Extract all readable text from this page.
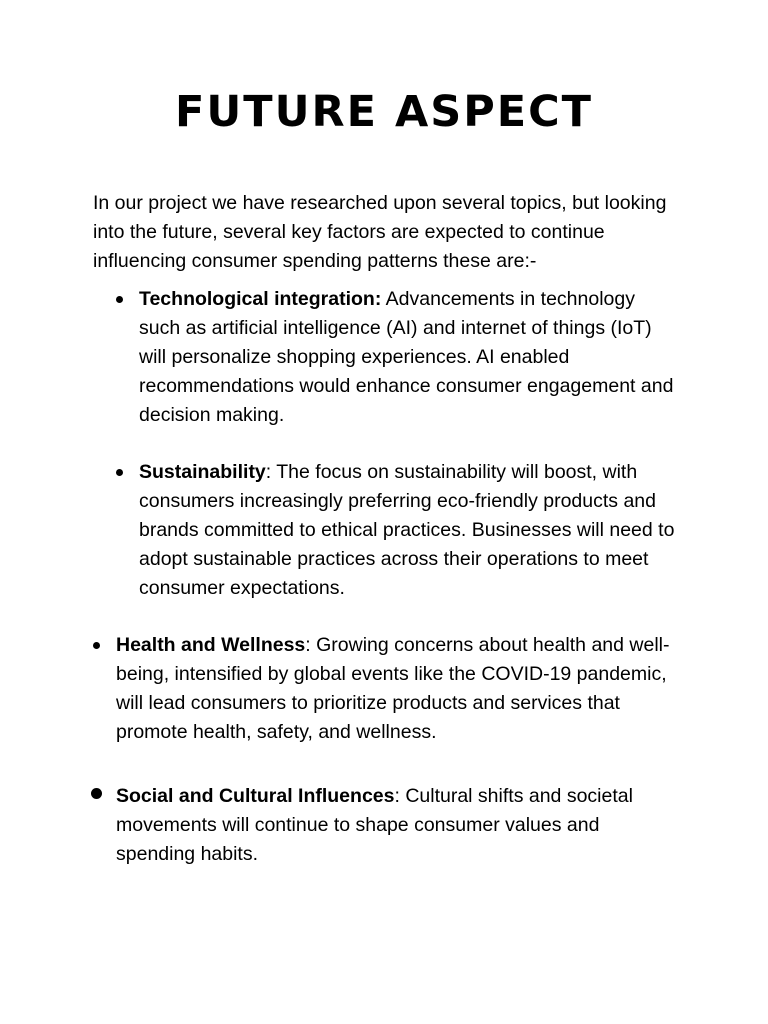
FUTURE ASPECT

In our project we have researched upon several topics, but looking into the future, several key factors are expected to continue influencing consumer spending patterns these are:-

Technological integration: Advancements in technology such as artificial intelligence (AI) and internet of things (IoT) will personalize shopping experiences. AI enabled recommendations would enhance consumer engagement and decision making.

Sustainability: The focus on sustainability will boost, with consumers increasingly preferring eco-friendly products and brands committed to ethical practices. Businesses will need to adopt sustainable practices across their operations to meet consumer expectations.

Health and Wellness: Growing concerns about health and well-being, intensified by global events like the COVID-19 pandemic, will lead consumers to prioritize products and services that promote health, safety, and wellness.

Social and Cultural Influences: Cultural shifts and societal movements will continue to shape consumer values and spending habits.
